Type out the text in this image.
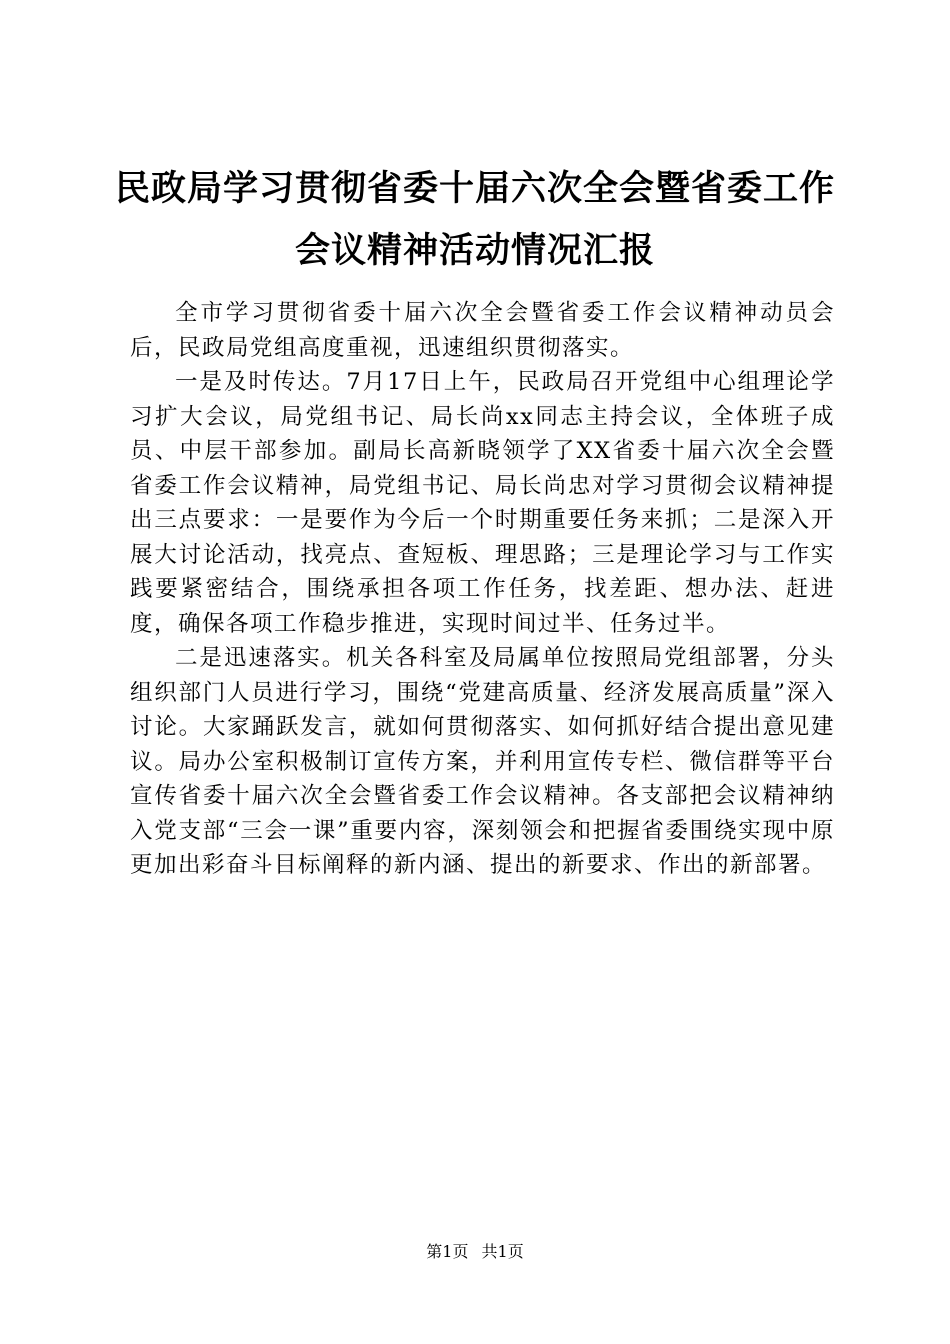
民政局学习贯彻省委十届六次全会暨省委工作
会议精神活动情况汇报

全市学习贯彻省委十届六次全会暨省委工作会议精神动员会后，民政局党组高度重视，迅速组织贯彻落实。

一是及时传达。7月17日上午，民政局召开党组中心组理论学习扩大会议，局党组书记、局长尚xx同志主持会议，全体班子成员、中层干部参加。副局长高新晓领学了XX省委十届六次全会暨省委工作会议精神，局党组书记、局长尚忠对学习贯彻会议精神提出三点要求：一是要作为今后一个时期重要任务来抓；二是深入开展大讨论活动，找亮点、查短板、理思路；三是理论学习与工作实践要紧密结合，围绕承担各项工作任务，找差距、想办法、赶进度，确保各项工作稳步推进，实现时间过半、任务过半。

二是迅速落实。机关各科室及局属单位按照局党组部署，分头组织部门人员进行学习，围绕“党建高质量、经济发展高质量”深入讨论。大家踊跃发言，就如何贯彻落实、如何抓好结合提出意见建议。局办公室积极制订宣传方案，并利用宣传专栏、微信群等平台宣传省委十届六次全会暨省委工作会议精神。各支部把会议精神纳入党支部“三会一课”重要内容，深刻领会和把握省委围绕实现中原更加出彩奋斗目标阐释的新内涵、提出的新要求、作出的新部署。

第1页 共1页
